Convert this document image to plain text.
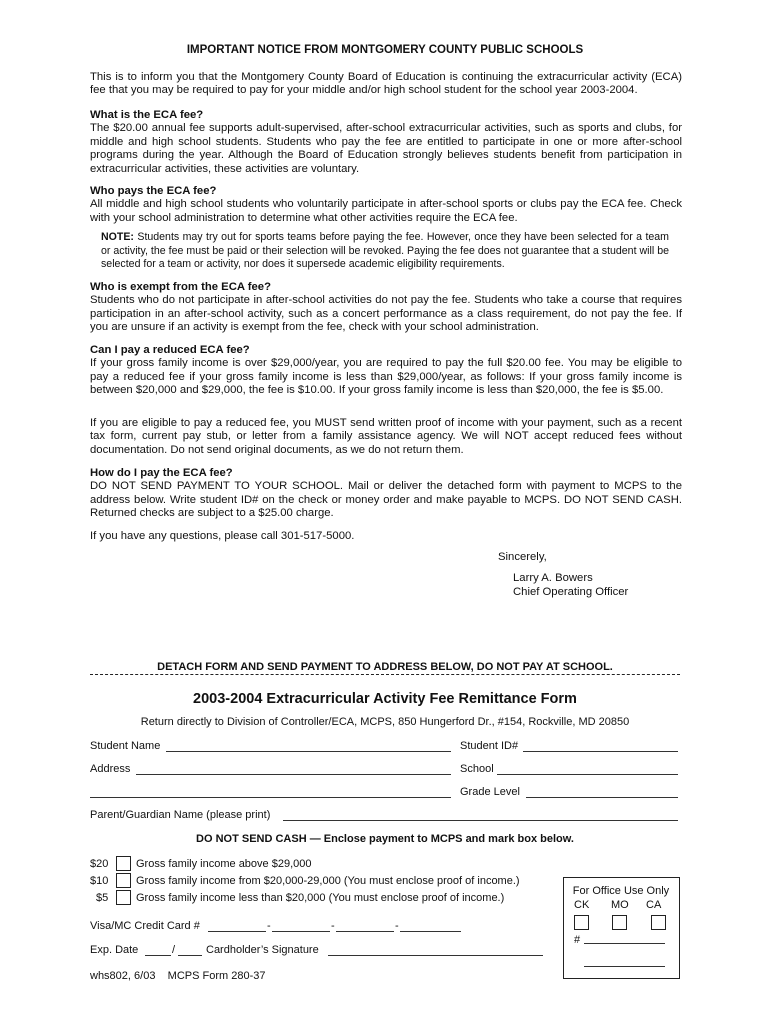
IMPORTANT NOTICE FROM MONTGOMERY COUNTY PUBLIC SCHOOLS
This is to inform you that the Montgomery County Board of Education is continuing the extracurricular activity (ECA) fee that you may be required to pay for your middle and/or high school student for the school year 2003-2004.
What is the ECA fee?
The $20.00 annual fee supports adult-supervised, after-school extracurricular activities, such as sports and clubs, for middle and high school students. Students who pay the fee are entitled to participate in one or more after-school programs during the year. Although the Board of Education strongly believes students benefit from participation in extracurricular activities, these activities are voluntary.
Who pays the ECA fee?
All middle and high school students who voluntarily participate in after-school sports or clubs pay the ECA fee. Check with your school administration to determine what other activities require the ECA fee.
NOTE: Students may try out for sports teams before paying the fee. However, once they have been selected for a team or activity, the fee must be paid or their selection will be revoked. Paying the fee does not guarantee that a student will be selected for a team or activity, nor does it supersede academic eligibility requirements.
Who is exempt from the ECA fee?
Students who do not participate in after-school activities do not pay the fee. Students who take a course that requires participation in an after-school activity, such as a concert performance as a class requirement, do not pay the fee. If you are unsure if an activity is exempt from the fee, check with your school administration.
Can I pay a reduced ECA fee?
If your gross family income is over $29,000/year, you are required to pay the full $20.00 fee. You may be eligible to pay a reduced fee if your gross family income is less than $29,000/year, as follows: If your gross family income is between $20,000 and $29,000, the fee is $10.00. If your gross family income is less than $20,000, the fee is $5.00.
If you are eligible to pay a reduced fee, you MUST send written proof of income with your payment, such as a recent tax form, current pay stub, or letter from a family assistance agency. We will NOT accept reduced fees without documentation. Do not send original documents, as we do not return them.
How do I pay the ECA fee?
DO NOT SEND PAYMENT TO YOUR SCHOOL. Mail or deliver the detached form with payment to MCPS to the address below. Write student ID# on the check or money order and make payable to MCPS. DO NOT SEND CASH. Returned checks are subject to a $25.00 charge.
If you have any questions, please call 301-517-5000.
Sincerely,
Larry A. Bowers
Chief Operating Officer
DETACH FORM AND SEND PAYMENT TO ADDRESS BELOW, DO NOT PAY AT SCHOOL.
2003-2004 Extracurricular Activity Fee Remittance Form
Return directly to Division of Controller/ECA, MCPS, 850 Hungerford Dr., #154, Rockville, MD 20850
Student Name	Student ID#
Address	School
Grade Level
Parent/Guardian Name (please print)
DO NOT SEND CASH — Enclose payment to MCPS and mark box below.
$20	Gross family income above $29,000
$10	Gross family income from $20,000-29,000 (You must enclose proof of income.)
$5	Gross family income less than $20,000 (You must enclose proof of income.)
Visa/MC Credit Card #	-	-	-
Exp. Date	/	Cardholder’s Signature
whs802, 6/03    MCPS Form 280-37
For Office Use Only
CK MO CA
#
